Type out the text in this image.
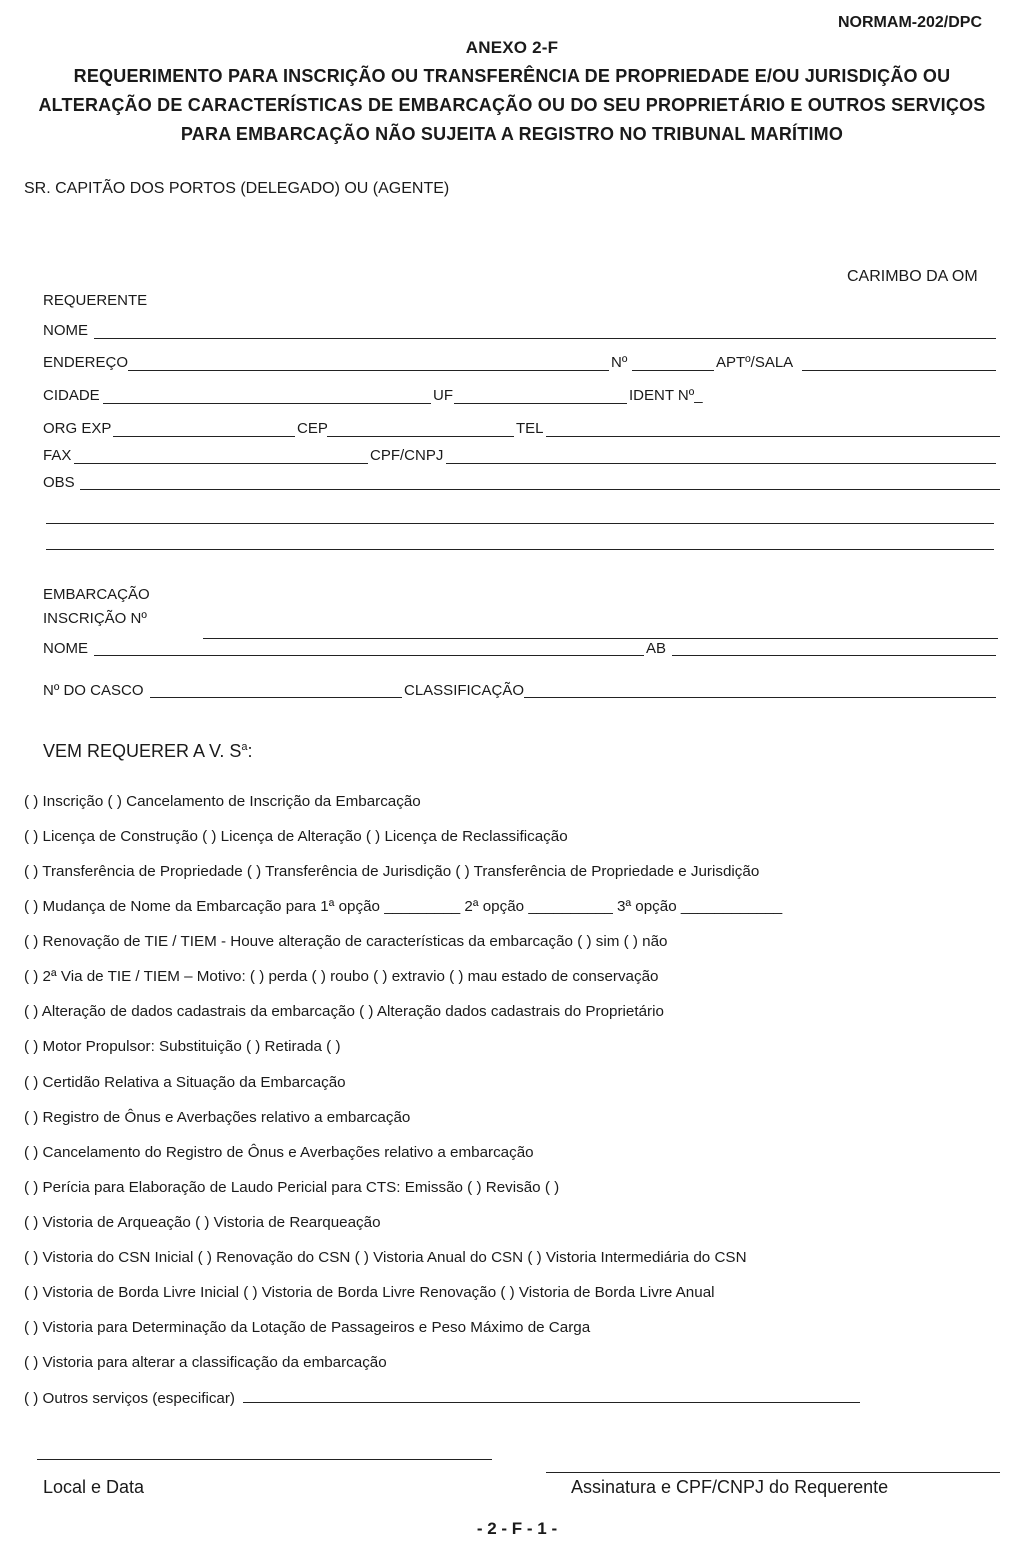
NORMAM-202/DPC
ANEXO 2-F
REQUERIMENTO PARA INSCRIÇÃO OU TRANSFERÊNCIA DE PROPRIEDADE E/OU JURISDIÇÃO OU
ALTERAÇÃO DE CARACTERÍSTICAS DE EMBARCAÇÃO OU DO SEU PROPRIETÁRIO E OUTROS SERVIÇOS
PARA EMBARCAÇÃO NÃO SUJEITA A REGISTRO NO TRIBUNAL MARÍTIMO
SR. CAPITÃO DOS PORTOS (DELEGADO) OU (AGENTE)
CARIMBO DA OM
REQUERENTE
NOME
ENDEREÇO	Nº	APTº/SALA
CIDADE	UF	IDENT Nº_
ORG EXP	CEP	TEL
FAX	CPF/CNPJ
OBS
EMBARCAÇÃO
INSCRIÇÃO Nº
NOME	AB
Nº DO CASCO	CLASSIFICAÇÃO
VEM REQUERER A V. $S^a$:
( ) Inscrição ( ) Cancelamento de Inscrição da Embarcação
( ) Licença de Construção ( ) Licença de Alteração ( ) Licença de Reclassificação
( ) Transferência de Propriedade ( ) Transferência de Jurisdição ( ) Transferência de Propriedade e Jurisdição
( ) Mudança de Nome da Embarcação para 1ª opção _________ 2ª opção __________ 3ª opção ____________
( ) Renovação de TIE / TIEM - Houve alteração de características da embarcação ( ) sim ( ) não
( ) 2ª Via de TIE / TIEM – Motivo: ( ) perda ( ) roubo ( ) extravio ( ) mau estado de conservação
( ) Alteração de dados cadastrais da embarcação ( ) Alteração dados cadastrais do Proprietário
( ) Motor Propulsor: Substituição ( ) Retirada ( )
( ) Certidão Relativa a Situação da Embarcação
( ) Registro de Ônus e Averbações relativo a embarcação
( ) Cancelamento do Registro de Ônus e Averbações relativo a embarcação
( ) Perícia para Elaboração de Laudo Pericial para CTS: Emissão ( ) Revisão ( )
( ) Vistoria de Arqueação ( ) Vistoria de Rearqueação
( ) Vistoria do CSN Inicial ( ) Renovação do CSN ( ) Vistoria Anual do CSN ( ) Vistoria Intermediária do CSN
( ) Vistoria de Borda Livre Inicial ( ) Vistoria de Borda Livre Renovação ( ) Vistoria de Borda Livre Anual
( ) Vistoria para Determinação da Lotação de Passageiros e Peso Máximo de Carga
( ) Vistoria para alterar a classificação da embarcação
( ) Outros serviços (especificar)
Local e Data	Assinatura e CPF/CNPJ do Requerente
- 2 - F - 1 -
